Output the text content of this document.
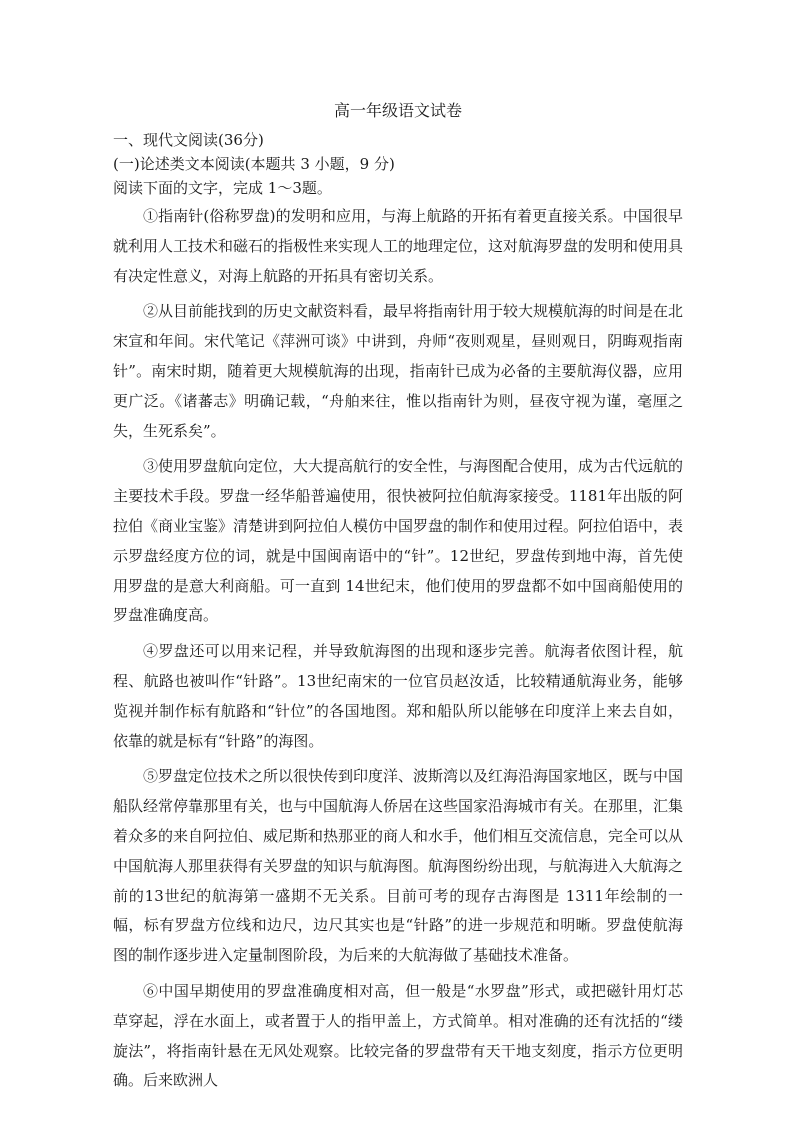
高一年级语文试卷

一、现代文阅读(36分)

(一)论述类文本阅读(本题共 3 小题，9 分)

阅读下面的文字，完成 1～3题。

①指南针(俗称罗盘)的发明和应用，与海上航路的开拓有着更直接关系。中国很早就利用人工技术和磁石的指极性来实现人工的地理定位，这对航海罗盘的发明和使用具有决定性意义，对海上航路的开拓具有密切关系。

②从目前能找到的历史文献资料看，最早将指南针用于较大规模航海的时间是在北宋宣和年间。宋代笔记《萍洲可谈》中讲到，舟师“夜则观星，昼则观日，阴晦观指南针”。南宋时期，随着更大规模航海的出现，指南针已成为必备的主要航海仪器，应用更广泛。《诸蕃志》明确记载，“舟舶来往，惟以指南针为则，昼夜守视为谨，毫厘之失，生死系矣”。

③使用罗盘航向定位，大大提高航行的安全性，与海图配合使用，成为古代远航的主要技术手段。罗盘一经华船普遍使用，很快被阿拉伯航海家接受。1181年出版的阿拉伯《商业宝鉴》清楚讲到阿拉伯人模仿中国罗盘的制作和使用过程。阿拉伯语中，表示罗盘经度方位的词，就是中国闽南语中的“针”。12世纪，罗盘传到地中海，首先使用罗盘的是意大利商船。可一直到 14世纪末，他们使用的罗盘都不如中国商船使用的罗盘准确度高。

④罗盘还可以用来记程，并导致航海图的出现和逐步完善。航海者依图计程，航程、航路也被叫作“针路”。13世纪南宋的一位官员赵汝适，比较精通航海业务，能够览视并制作标有航路和“针位”的各国地图。郑和船队所以能够在印度洋上来去自如，依靠的就是标有“针路”的海图。

⑤罗盘定位技术之所以很快传到印度洋、波斯湾以及红海沿海国家地区，既与中国船队经常停靠那里有关，也与中国航海人侨居在这些国家沿海城市有关。在那里，汇集着众多的来自阿拉伯、威尼斯和热那亚的商人和水手，他们相互交流信息，完全可以从中国航海人那里获得有关罗盘的知识与航海图。航海图纷纷出现，与航海进入大航海之前的13世纪的航海第一盛期不无关系。目前可考的现存古海图是 1311年绘制的一幅，标有罗盘方位线和边尺，边尺其实也是“针路”的进一步规范和明晰。罗盘使航海图的制作逐步进入定量制图阶段，为后来的大航海做了基础技术准备。

⑥中国早期使用的罗盘准确度相对高，但一般是“水罗盘”形式，或把磁针用灯芯草穿起，浮在水面上，或者置于人的指甲盖上，方式简单。相对准确的还有沈括的“缕旋法”，将指南针悬在无风处观察。比较完备的罗盘带有天干地支刻度，指示方位更明确。后来欧洲人
